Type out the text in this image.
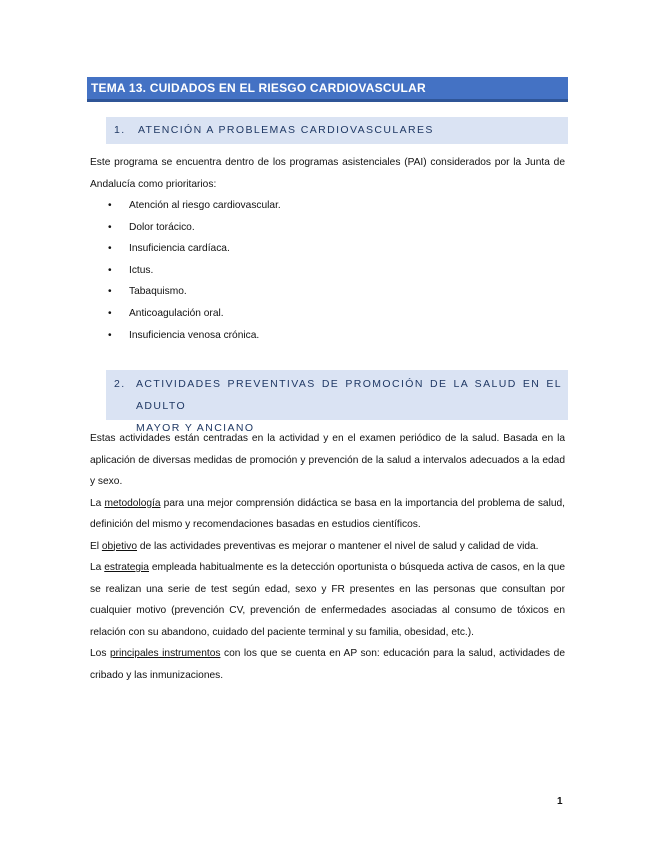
TEMA 13. CUIDADOS EN EL RIESGO CARDIOVASCULAR
1. ATENCIÓN A PROBLEMAS CARDIOVASCULARES
Este programa se encuentra dentro de los programas asistenciales (PAI) considerados por la Junta de Andalucía como prioritarios:
•	Atención al riesgo cardiovascular.
•	Dolor torácico.
•	Insuficiencia cardíaca.
•	Ictus.
•	Tabaquismo.
•	Anticoagulación oral.
•	Insuficiencia venosa crónica.
2. ACTIVIDADES PREVENTIVAS DE PROMOCIÓN DE LA SALUD EN EL ADULTO
MAYOR Y ANCIANO
Estas actividades están centradas en la actividad y en el examen periódico de la salud. Basada en la aplicación de diversas medidas de promoción y prevención de la salud a intervalos adecuados a la edad y sexo.
La metodología para una mejor comprensión didáctica se basa en la importancia del problema de salud, definición del mismo y recomendaciones basadas en estudios científicos.
El objetivo de las actividades preventivas es mejorar o mantener el nivel de salud y calidad de vida.
La estrategia empleada habitualmente es la detección oportunista o búsqueda activa de casos, en la que se realizan una serie de test según edad, sexo y FR presentes en las personas que consultan por cualquier motivo (prevención CV, prevención de enfermedades asociadas al consumo de tóxicos en relación con su abandono, cuidado del paciente terminal y su familia, obesidad, etc.).
Los principales instrumentos con los que se cuenta en AP son: educación para la salud, actividades de cribado y las inmunizaciones.
1
